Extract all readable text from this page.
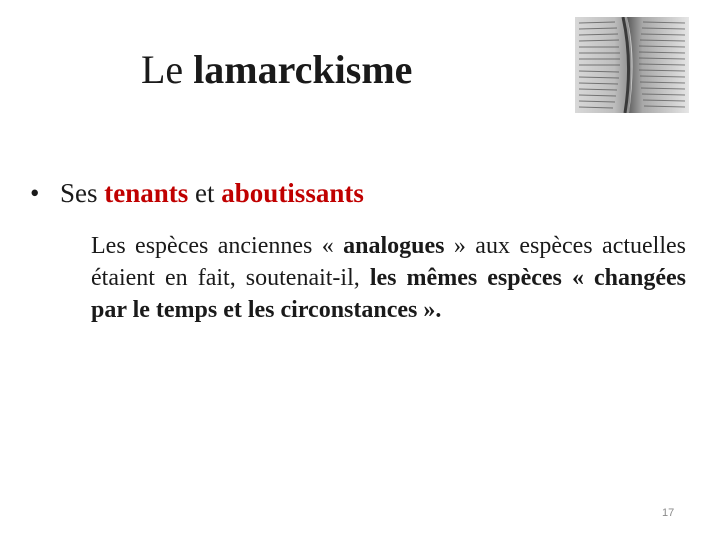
Le lamarckisme
• Ses tenants et aboutissants
Les espèces anciennes « analogues » aux espèces actuelles étaient en fait, soutenait-il, les mêmes espèces « changées par le temps et les circonstances ».
17
